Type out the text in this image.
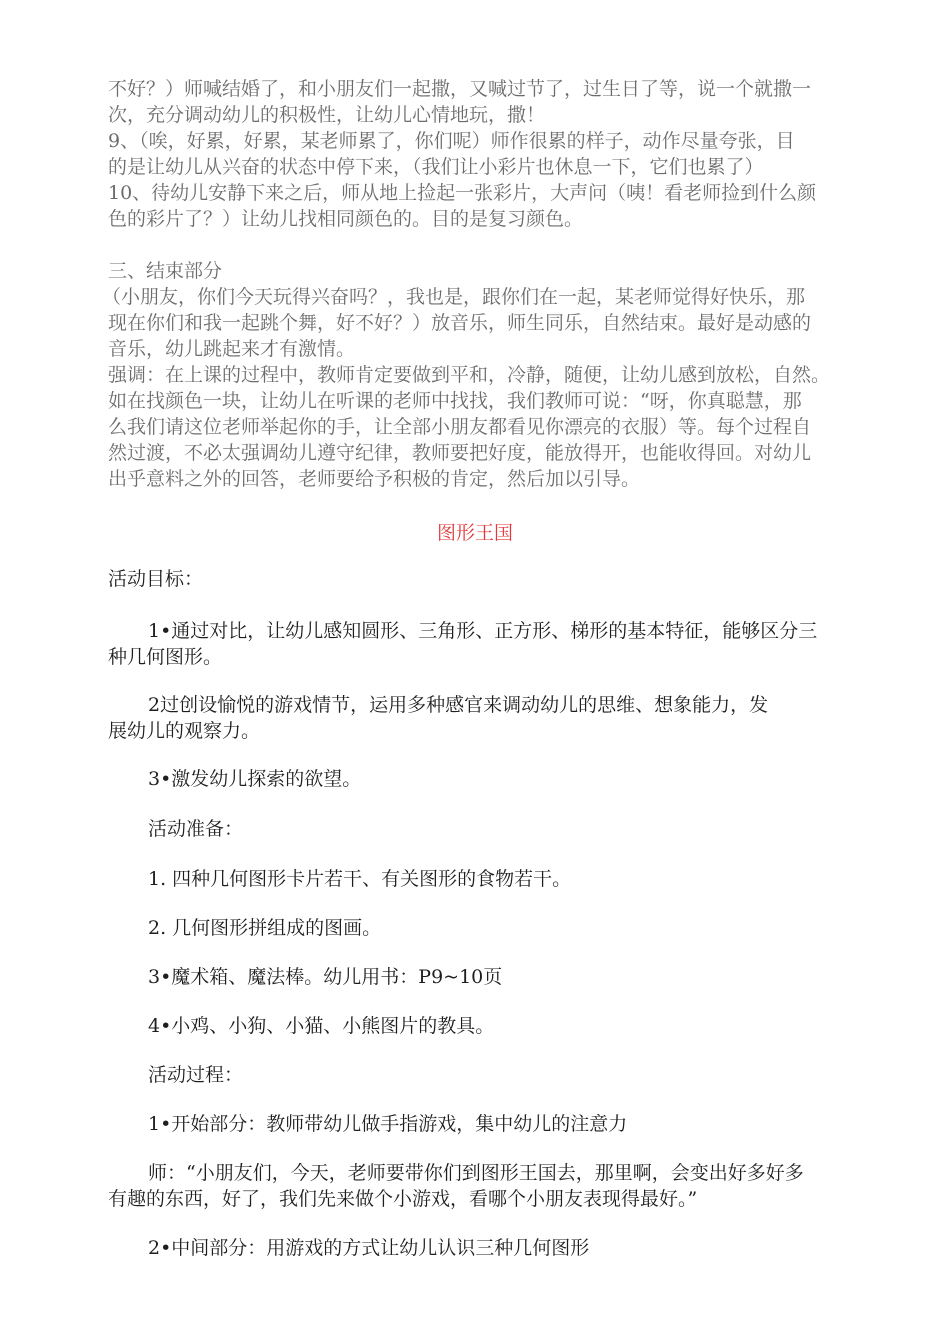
不好？）师喊结婚了，和小朋友们一起撒，又喊过节了，过生日了等，说一个就撒一
次，充分调动幼儿的积极性，让幼儿心情地玩，撒！
9、（唉，好累，好累，某老师累了，你们呢）师作很累的样子，动作尽量夸张，目
的是让幼儿从兴奋的状态中停下来，（我们让小彩片也休息一下，它们也累了）
10、待幼儿安静下来之后，师从地上捡起一张彩片，大声问（咦！看老师捡到什么颜
色的彩片了？）让幼儿找相同颜色的。目的是复习颜色。
三、结束部分
（小朋友，你们今天玩得兴奋吗？，我也是，跟你们在一起，某老师觉得好快乐，那
现在你们和我一起跳个舞，好不好？）放音乐，师生同乐，自然结束。最好是动感的
音乐，幼儿跳起来才有激情。
强调：在上课的过程中，教师肯定要做到平和，冷静，随便，让幼儿感到放松，自然。
如在找颜色一块，让幼儿在听课的老师中找找，我们教师可说：“呀，你真聪慧，那
么我们请这位老师举起你的手，让全部小朋友都看见你漂亮的衣服）等。每个过程自
然过渡，不必太强调幼儿遵守纪律，教师要把好度，能放得开，也能收得回。对幼儿
出乎意料之外的回答，老师要给予积极的肯定，然后加以引导。
图形王国
活动目标：
1•通过对比，让幼儿感知圆形、三角形、正方形、梯形的基本特征，能够区分三
种几何图形。
2过创设愉悦的游戏情节，运用多种感官来调动幼儿的思维、想象能力，发
展幼儿的观察力。
3•激发幼儿探索的欲望。
活动准备：
1. 四种几何图形卡片若干、有关图形的食物若干。
2. 几何图形拼组成的图画。
3•魔术箱、魔法棒。幼儿用书：P9~10页
4•小鸡、小狗、小猫、小熊图片的教具。
活动过程：
1•开始部分：教师带幼儿做手指游戏，集中幼儿的注意力
师：“小朋友们，今天，老师要带你们到图形王国去，那里啊，会变出好多好多
有趣的东西，好了，我们先来做个小游戏，看哪个小朋友表现得最好。”
2•中间部分：用游戏的方式让幼儿认识三种几何图形
